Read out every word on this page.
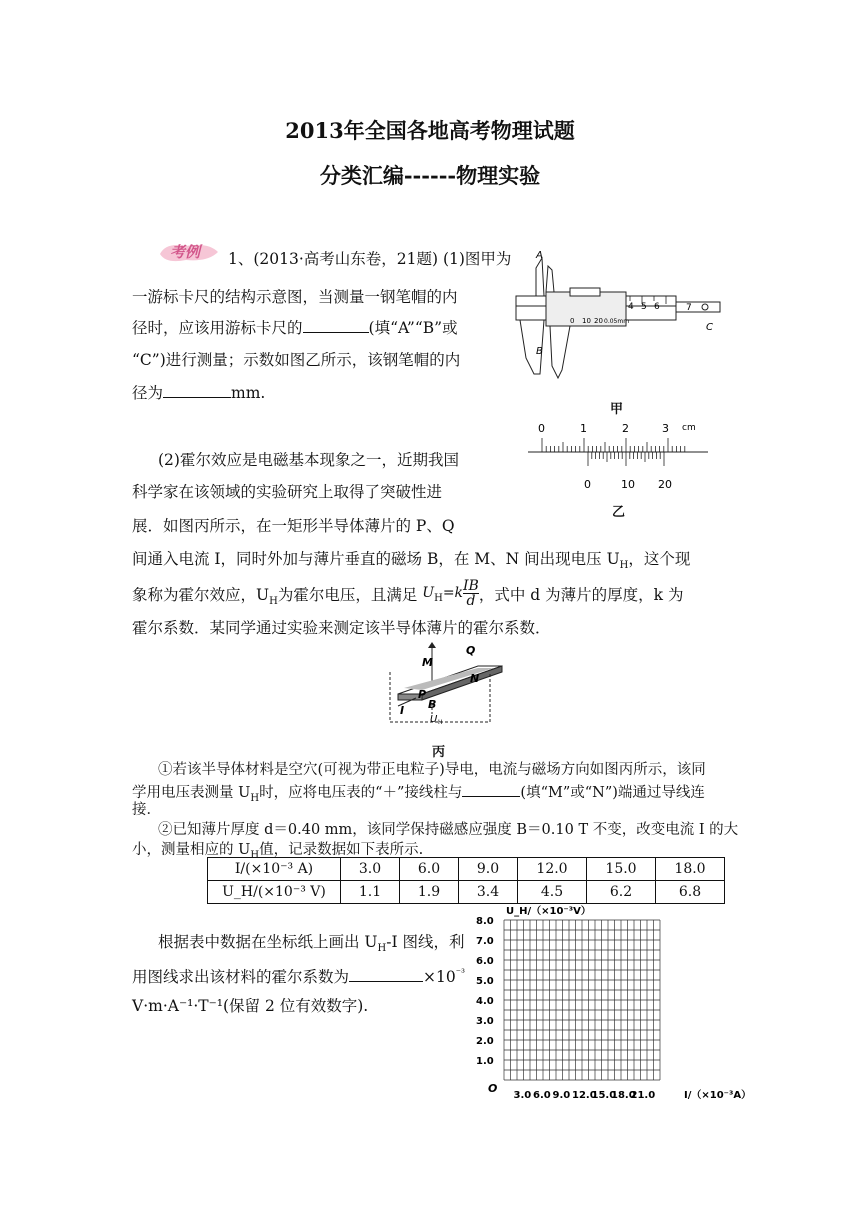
2013年全国各地高考物理试题
分类汇编------物理实验
考例 1、(2013·高考山东卷，21题) (1)图甲为
一游标卡尺的结构示意图，当测量一钢笔帽的内
径时，应该用游标卡尺的	(填“A”“B”或
“C”)进行测量；示数如图乙所示，该钢笔帽的内
径为	mm.
4 5 6
0 10 20 0.05mm
7
A
B
C
甲
0	1	2	3 cm
0	10 20
乙
(2)霍尔效应是电磁基本现象之一，近期我国
科学家在该领域的实验研究上取得了突破性进
展．如图丙所示，在一矩形半导体薄片的 P、Q
间通入电流 I，同时外加与薄片垂直的磁场 B，在 M、N 间出现电压 $U_H$，这个现
象称为霍尔效应，$U_H$为霍尔电压，且满足 $U_H=k \frac{IB}{d}$ ，式中 d 为薄片的厚度，k 为
霍尔系数．某同学通过实验来测定该半导体薄片的霍尔系数．
M
Q
N
P
I B
U H
丙
①若该半导体材料是空穴(可视为带正电粒子)导电，电流与磁场方向如图丙所示，该同
学用电压表测量 $U_H$时，应将电压表的“＋”接线柱与	(填“M”或“N”)端通过导线连
接．
②已知薄片厚度 d＝0.40 mm，该同学保持磁感应强度 B＝0.10 T 不变，改变电流 I 的大
小，测量相应的 $U_H$值，记录数据如下表所示.
I/(×10⁻³ A)	3.0	6.0	9.0	12.0	15.0	18.0
U_H/(×10⁻³ V)	1.1	1.9	3.4	4.5	6.2	6.8
根据表中数据在坐标纸上画出 $U_H-I$ 图线，利
用图线求出该材料的霍尔系数为	$\times 10^{^{-3}}$
V·m·A⁻¹·T⁻¹(保留 2 位有效数字).
U_H/（×10⁻³V）
I/（×10⁻³A）
O
1.0
2.0
3.0
4.0
5.0
6.0
7.0
8.0
3.0 6.0 9.0 12.0
15.0
18.0
21.0
